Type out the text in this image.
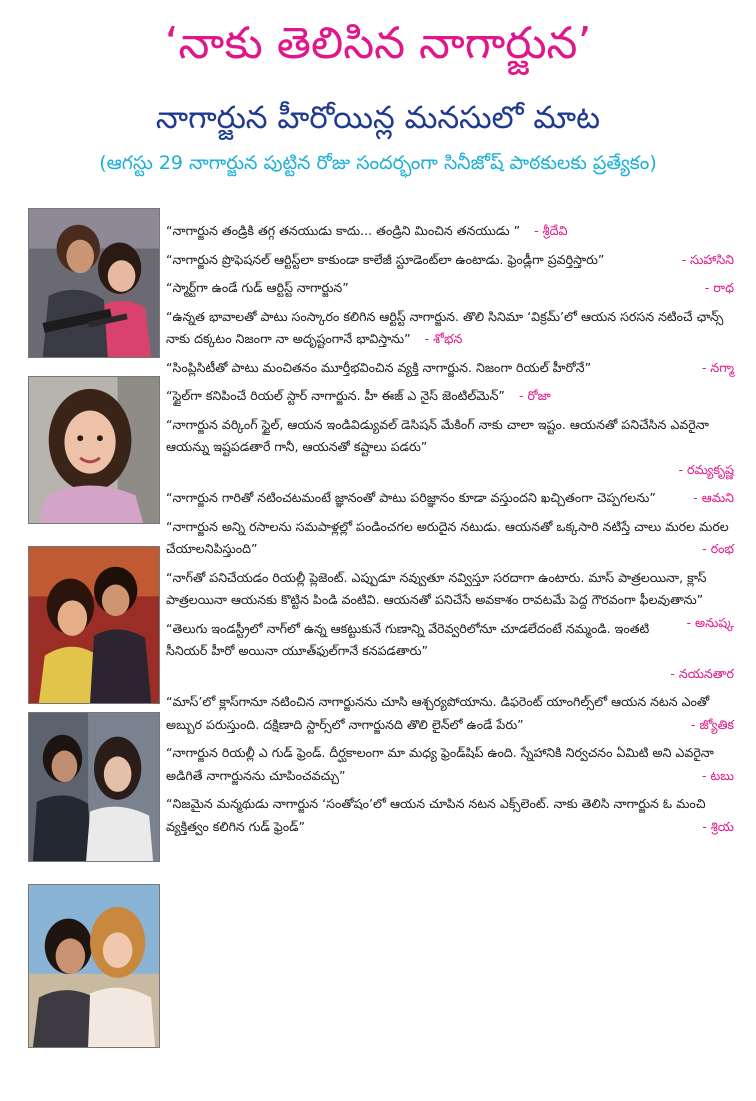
‘నాకు తెలిసిన నాగార్జున’
నాగార్జున హీరోయిన్ల మనసులో మాట
(ఆగస్టు 29 నాగార్జున పుట్టిన రోజు సందర్భంగా సినీజోష్ పాఠకులకు ప్రత్యేకం)

“నాగార్జున తండ్రికి తగ్గ తనయుడు కాదు... తండ్రిని మించిన తనయుడు ” - శ్రీదేవి

“నాగార్జున ప్రొఫెషనల్ ఆర్టిస్ట్‌లా కాకుండా కాలేజీ స్టూడెంట్‌లా ఉంటాడు. ఫ్రెండ్లీగా ప్రవర్తిస్తారు”	- సుహాసిని

“స్మార్ట్‌గా ఉండే గుడ్ ఆర్టిస్ట్ నాగార్జున”	- రాధ

“ఉన్నత భావాలతో పాటు సంస్కారం కలిగిన ఆర్టిస్ట్ నాగార్జున. తొలి సినిమా ‘విక్రమ్’లో ఆయన సరసన నటించే ఛాన్స్ నాకు దక్కటం నిజంగా నా అదృష్టంగానే భావిస్తాను” - శోభన

“సింప్లిసిటీతో పాటు మంచితనం మూర్తీభవించిన వ్యక్తి నాగార్జున. నిజంగా రియల్ హీరోనే”	- నగ్మా

“స్టైల్‌గా కనిపించే రియల్ స్టార్ నాగార్జున. హీ ఈజ్ ఎ నైస్ జెంటిల్‌మెన్” - రోజా

“నాగార్జున వర్కింగ్ స్టైల్, ఆయన ఇండివిడ్యువల్ డెసిషన్ మేకింగ్ నాకు చాలా ఇష్టం. ఆయనతో పనిచేసిన ఎవరైనా ఆయన్ను ఇష్టపడతారే గానీ, ఆయనతో కష్టాలు పడరు”
- రమ్యకృష్ణ

“నాగార్జున గారితో నటించటమంటే జ్ఞానంతో పాటు పరిజ్ఞానం కూడా వస్తుందని ఖచ్చితంగా చెప్పగలను”	- ఆమని

“నాగార్జున అన్ని రసాలను సమపాళ్లల్లో పండించగల అరుదైన నటుడు. ఆయనతో ఒక్కసారి నటిస్తే చాలు మరల మరల చేయాలనిపిస్తుంది”	- రంభ

“నాగ్‌తో పనిచేయడం రియల్లీ ప్లెజెంట్. ఎప్పుడూ నవ్వుతూ నవ్విస్తూ సరదాగా ఉంటారు. మాస్ పాత్రలయినా, క్లాస్ పాత్రలయినా ఆయనకు కొట్టిన పిండి వంటివి. ఆయనతో పనిచేసే అవకాశం రావటమే పెద్ద గౌరవంగా ఫీలవుతాను”
- అనుష్క

“తెలుగు ఇండస్ట్రీలో నాగ్‌లో ఉన్న ఆకట్టుకునే గుణాన్ని వేరెవ్వరిలోనూ చూడలేదంటే నమ్మండి. ఇంతటి సీనియర్ హీరో అయినా యూత్‌ఫుల్‌గానే కనపడతారు”
- నయనతార

“మాస్’లో క్లాస్‌గానూ నటించిన నాగార్జునను చూసి ఆశ్చర్యపోయాను. డిఫరెంట్ యాంగిల్స్‌లో ఆయన నటన ఎంతో అబ్బుర పరుస్తుంది. దక్షిణాది స్టార్స్‌లో నాగార్జునది తొలి లైన్‌లో ఉండే పేరు”	- జ్యోతిక

“నాగార్జున రియల్లీ ఎ గుడ్ ఫ్రెండ్. దీర్ఘకాలంగా మా మధ్య ఫ్రెండ్‌షిప్ ఉంది. స్నేహానికి నిర్వచనం ఏమిటి అని ఎవరైనా అడిగితే నాగార్జునను చూపించవచ్చు”	- టబు

“నిజమైన మన్మథుడు నాగార్జున ‘సంతోషం’లో ఆయన చూపిన నటన ఎక్స్‌లెంట్. నాకు తెలిసి నాగార్జున ఓ మంచి వ్యక్తిత్వం కలిగిన గుడ్ ఫ్రెండ్”	- శ్రియ
